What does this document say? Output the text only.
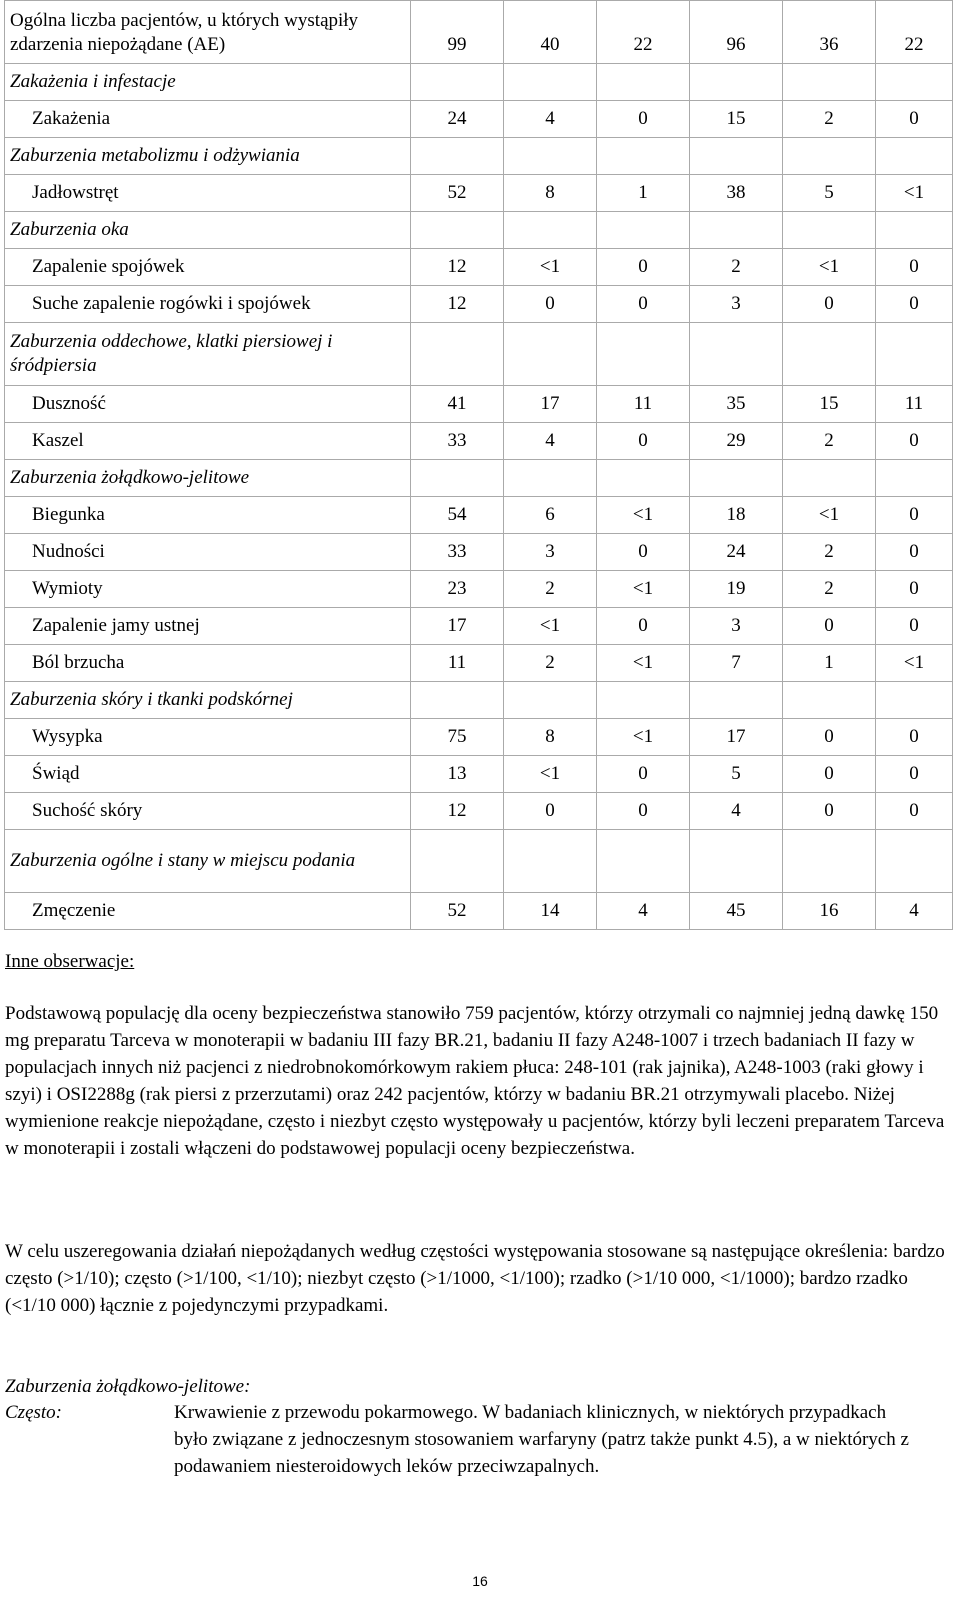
Ogólna liczba pacjentów, u których wystąpiły zdarzenia niepożądane (AE)	99	40	22	96	36	22
Zakażenia i infestacje						
Zakażenia	24	4	0	15	2	0
Zaburzenia metabolizmu i odżywiania						
Jadłowstręt	52	8	1	38	5	<1
Zaburzenia oka						
Zapalenie spojówek	12	<1	0	2	<1	0
Suche zapalenie rogówki i spojówek	12	0	0	3	0	0
Zaburzenia oddechowe, klatki piersiowej i śródpiersia						
Duszność	41	17	11	35	15	11
Kaszel	33	4	0	29	2	0
Zaburzenia żołądkowo-jelitowe						
Biegunka	54	6	<1	18	<1	0
Nudności	33	3	0	24	2	0
Wymioty	23	2	<1	19	2	0
Zapalenie jamy ustnej	17	<1	0	3	0	0
Ból brzucha	11	2	<1	7	1	<1
Zaburzenia skóry i tkanki podskórnej						
Wysypka	75	8	<1	17	0	0
Świąd	13	<1	0	5	0	0
Suchość skóry	12	0	0	4	0	0
Zaburzenia ogólne i stany w miejscu podania						
Zmęczenie	52	14	4	45	16	4

Inne obserwacje:

Podstawową populację dla oceny bezpieczeństwa stanowiło 759 pacjentów, którzy otrzymali co najmniej jedną dawkę 150 mg preparatu Tarceva w monoterapii w badaniu III fazy BR.21, badaniu II fazy A248-1007 i trzech badaniach II fazy w populacjach innych niż pacjenci z niedrobnokomórkowym rakiem płuca: 248-101 (rak jajnika), A248-1003 (raki głowy i szyi) i OSI2288g (rak piersi z przerzutami) oraz 242 pacjentów, którzy w badaniu BR.21 otrzymywali placebo. Niżej wymienione reakcje niepożądane, często i niezbyt często występowały u pacjentów, którzy byli leczeni preparatem Tarceva w monoterapii i zostali włączeni do podstawowej populacji oceny bezpieczeństwa.

W celu uszeregowania działań niepożądanych według częstości występowania stosowane są następujące określenia: bardzo często (>1/10); często (>1/100, <1/10); niezbyt często (>1/1000, <1/100); rzadko (>1/10 000, <1/1000); bardzo rzadko (<1/10 000) łącznie z pojedynczymi przypadkami.

Zaburzenia żołądkowo-jelitowe:

Często:	Krwawienie z przewodu pokarmowego. W badaniach klinicznych, w niektórych przypadkach było związane z jednoczesnym stosowaniem warfaryny (patrz także punkt 4.5), a w niektórych z podawaniem niesteroidowych leków przeciwzapalnych.
16
